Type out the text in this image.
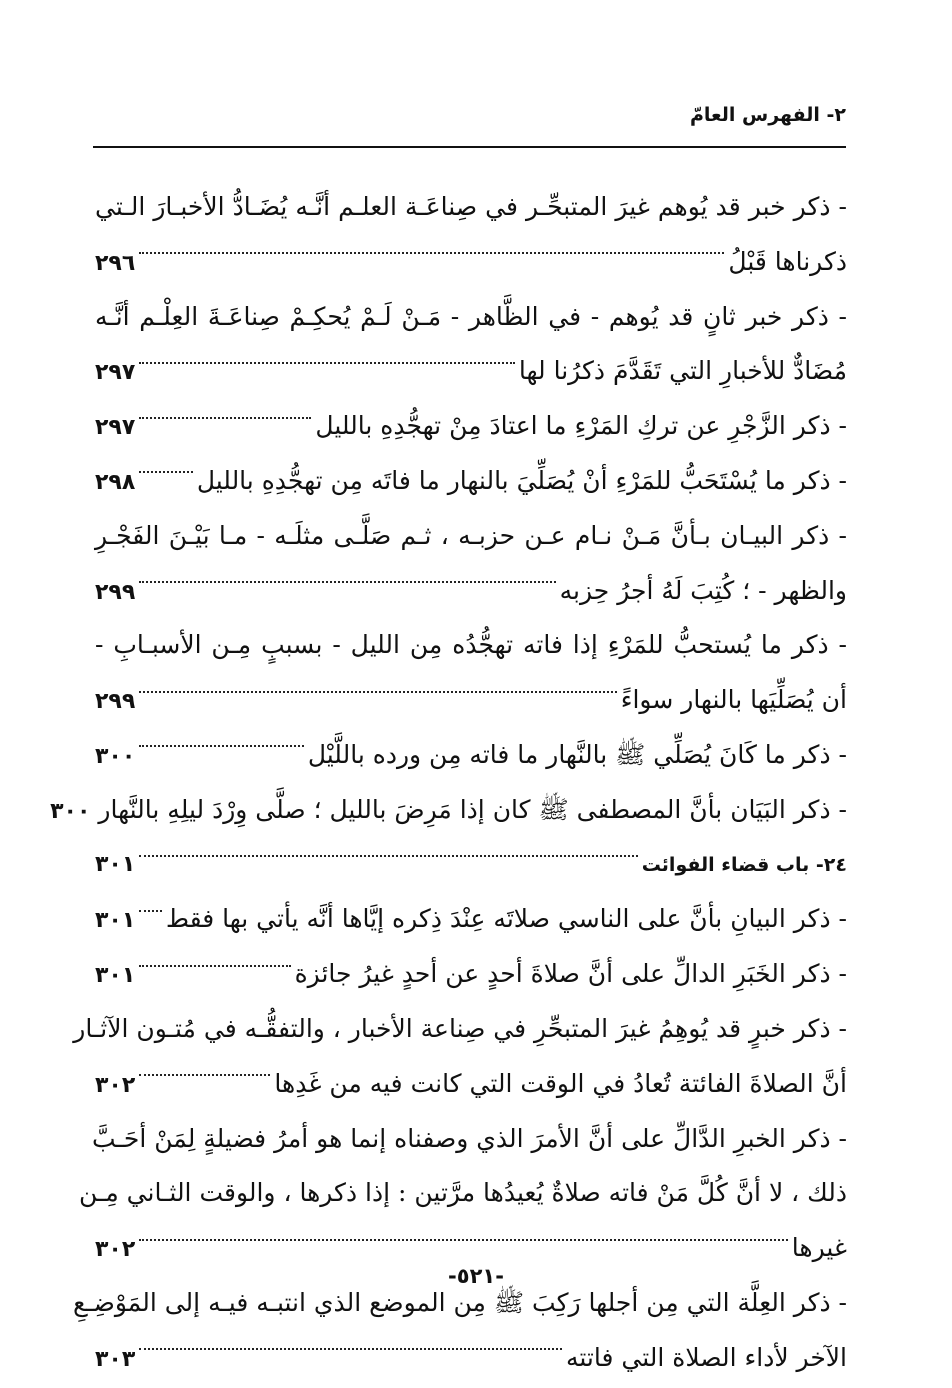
٢- الفهرس العامّ
- ذكر خبر قد يُوهم غيرَ المتبحِّـر في صِناعَـة العلـم أنَّـه يُضَـادُّ الأخبـارَ الـتي
ذكرناها قَبْلُ
٢٩٦
- ذكر خبر ثانٍ قد يُوهم - في الظَّاهر - مَـنْ لَـمْ يُحكِـمْ صِناعَـةَ العِلْـم أنَّـه
مُضَادٌّ للأخبارِ التي تَقَدَّمَ ذكرُنا لها
٢٩٧
- ذكر الزَّجْرِ عن تركِ المَرْءِ ما اعتادَ مِنْ تهجُّدِهِ بالليل
٢٩٧
- ذكر ما يُسْتَحَبُّ للمَرْءِ أنْ يُصَلِّيَ بالنهار ما فاتَه مِن تهجُّدِهِ بالليل
٢٩٨
- ذكر البيـان بـأنَّ مَـنْ نـام عـن حزبـه ، ثـم صَلَّـى مثلَـه - مـا بَيْـنَ الفَجْـرِ
والظهر - ؛ كُتِبَ لَهُ أجرُ حِزبه
٢٩٩
- ذكر ما يُستحبُّ للمَرْءِ إذا فاته تهجُّدُه مِن الليل - بسببٍ مِـن الأسبـابِ -
أن يُصَلِّيَها بالنهار سواءً
٢٩٩
- ذكر ما كَانَ يُصَلِّي ﷺ بالنَّهار ما فاته مِن ورده باللَّيْل
٣٠٠
- ذكر البَيَان بأنَّ المصطفى ﷺ كان إذا مَرِضَ بالليل ؛ صلَّى وِرْدَ ليلِهِ بالنَّهار
٣٠٠
٢٤- باب قضاء الفوائت
٣٠١
- ذكر البيانِ بأنَّ على الناسي صلاتَه عِنْدَ ذِكره إيَّاها أنَّه يأتي بها فقط
٣٠١
- ذكر الخَبَرِ الدالِّ على أنَّ صلاةَ أحدٍ عن أحدٍ غيرُ جائزة
٣٠١
- ذكر خبرٍ قد يُوهِمُ غيرَ المتبحِّرِ في صِناعة الأخبار ، والتفقُّـه في مُتـون الآثـار
أنَّ الصلاةَ الفائتة تُعادُ في الوقت التي كانت فيه من غَدِها
٣٠٢
- ذكر الخبرِ الدَّالِّ على أنَّ الأمرَ الذي وصفناه إنما هو أمرُ فضيلةٍ لِمَنْ أحَـبَّ
ذلك ، لا أنَّ كُلَّ مَنْ فاته صلاةٌ يُعيدُها مرَّتين : إذا ذكرها ، والوقت الثـاني مِـن
غيرها
٣٠٢
- ذكر العِلَّة التي مِن أجلها رَكِبَ ﷺ مِن الموضع الذي انتبـه فيـه إلى المَوْضِـعِ
الآخر لأداء الصلاة التي فاتته
٣٠٣
-٥٢١-
